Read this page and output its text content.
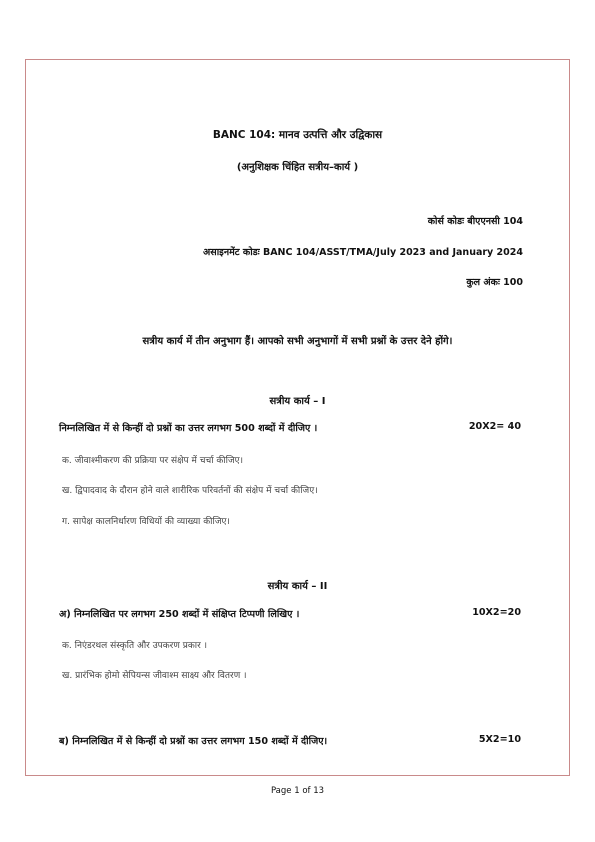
BANC 104: मानव उत्पत्ति और उद्विकास
(अनुशिक्षक चिंहित सत्रीय–कार्य )
कोर्स कोडः बीएएनसी 104
असाइनमेंट कोडः BANC 104/ASST/TMA/July 2023 and January 2024
कुल अंकः 100
सत्रीय कार्य में तीन अनुभाग हैं। आपको सभी अनुभागों में सभी प्रश्नों के उत्तर देने होंगे।
सत्रीय कार्य – I
निम्नलिखित में से किन्हीं दो प्रश्नों का उत्तर लगभग 500 शब्दों में दीजिए ।	20X2= 40
क. जीवाश्मीकरण की प्रक्रिया पर संक्षेप में चर्चा कीजिए।
ख. द्विपादवाद के दौरान होने वाले शारीरिक परिवर्तनों की संक्षेप में चर्चा कीजिए।
ग. सापेक्ष कालनिर्धारण विधियों की व्याख्या कीजिए।
सत्रीय कार्य – II
अ) निम्नलिखित पर लगभग 250 शब्दों में संक्षिप्त टिप्पणी लिखिए ।	10X2=20
क. निएंडरथल संस्कृति और उपकरण प्रकार ।
ख. प्रारंभिक होमो सेपियन्स जीवाश्म साक्ष्य और वितरण ।
ब) निम्नलिखित में से किन्हीं दो प्रश्नों का उत्तर लगभग 150 शब्दों में दीजिए।	5X2=10
Page 1 of 13
